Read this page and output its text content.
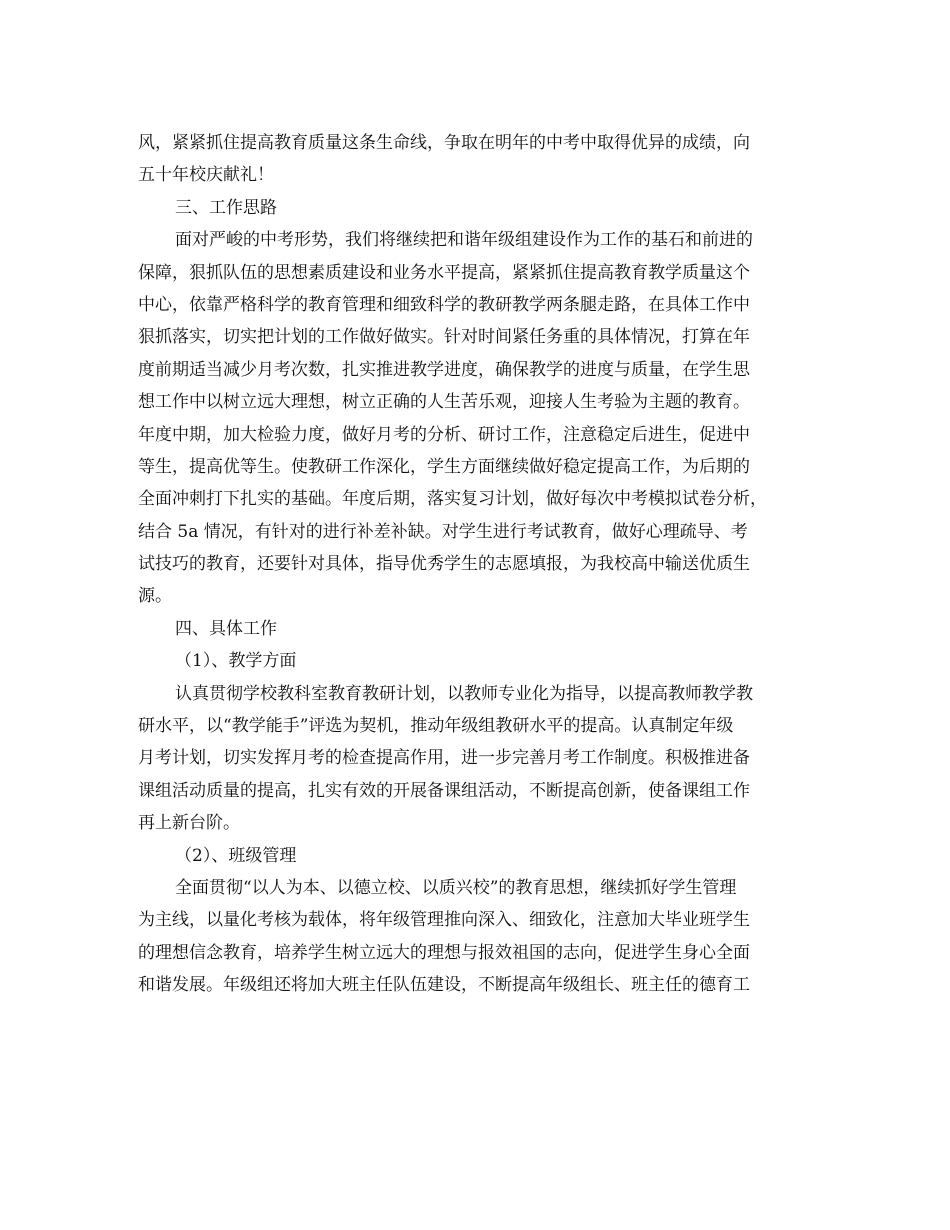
风，紧紧抓住提高教育质量这条生命线，争取在明年的中考中取得优异的成绩，向
五十年校庆献礼！
三、工作思路
面对严峻的中考形势，我们将继续把和谐年级组建设作为工作的基石和前进的
保障，狠抓队伍的思想素质建设和业务水平提高，紧紧抓住提高教育教学质量这个
中心，依靠严格科学的教育管理和细致科学的教研教学两条腿走路，在具体工作中
狠抓落实，切实把计划的工作做好做实。针对时间紧任务重的具体情况，打算在年
度前期适当减少月考次数，扎实推进教学进度，确保教学的进度与质量，在学生思
想工作中以树立远大理想，树立正确的人生苦乐观，迎接人生考验为主题的教育。
年度中期，加大检验力度，做好月考的分析、研讨工作，注意稳定后进生，促进中
等生，提高优等生。使教研工作深化，学生方面继续做好稳定提高工作，为后期的
全面冲刺打下扎实的基础。年度后期，落实复习计划，做好每次中考模拟试卷分析，
结合 5a 情况，有针对的进行补差补缺。对学生进行考试教育，做好心理疏导、考
试技巧的教育，还要针对具体，指导优秀学生的志愿填报，为我校高中输送优质生
源。
四、具体工作
（1）、教学方面
认真贯彻学校教科室教育教研计划，以教师专业化为指导，以提高教师教学教
研水平，以“教学能手”评选为契机，推动年级组教研水平的提高。认真制定年级
月考计划，切实发挥月考的检查提高作用，进一步完善月考工作制度。积极推进备
课组活动质量的提高，扎实有效的开展备课组活动，不断提高创新，使备课组工作
再上新台阶。
（2）、班级管理
全面贯彻“以人为本、以德立校、以质兴校”的教育思想，继续抓好学生管理
为主线，以量化考核为载体，将年级管理推向深入、细致化，注意加大毕业班学生
的理想信念教育，培养学生树立远大的理想与报效祖国的志向，促进学生身心全面
和谐发展。年级组还将加大班主任队伍建设，不断提高年级组长、班主任的德育工
